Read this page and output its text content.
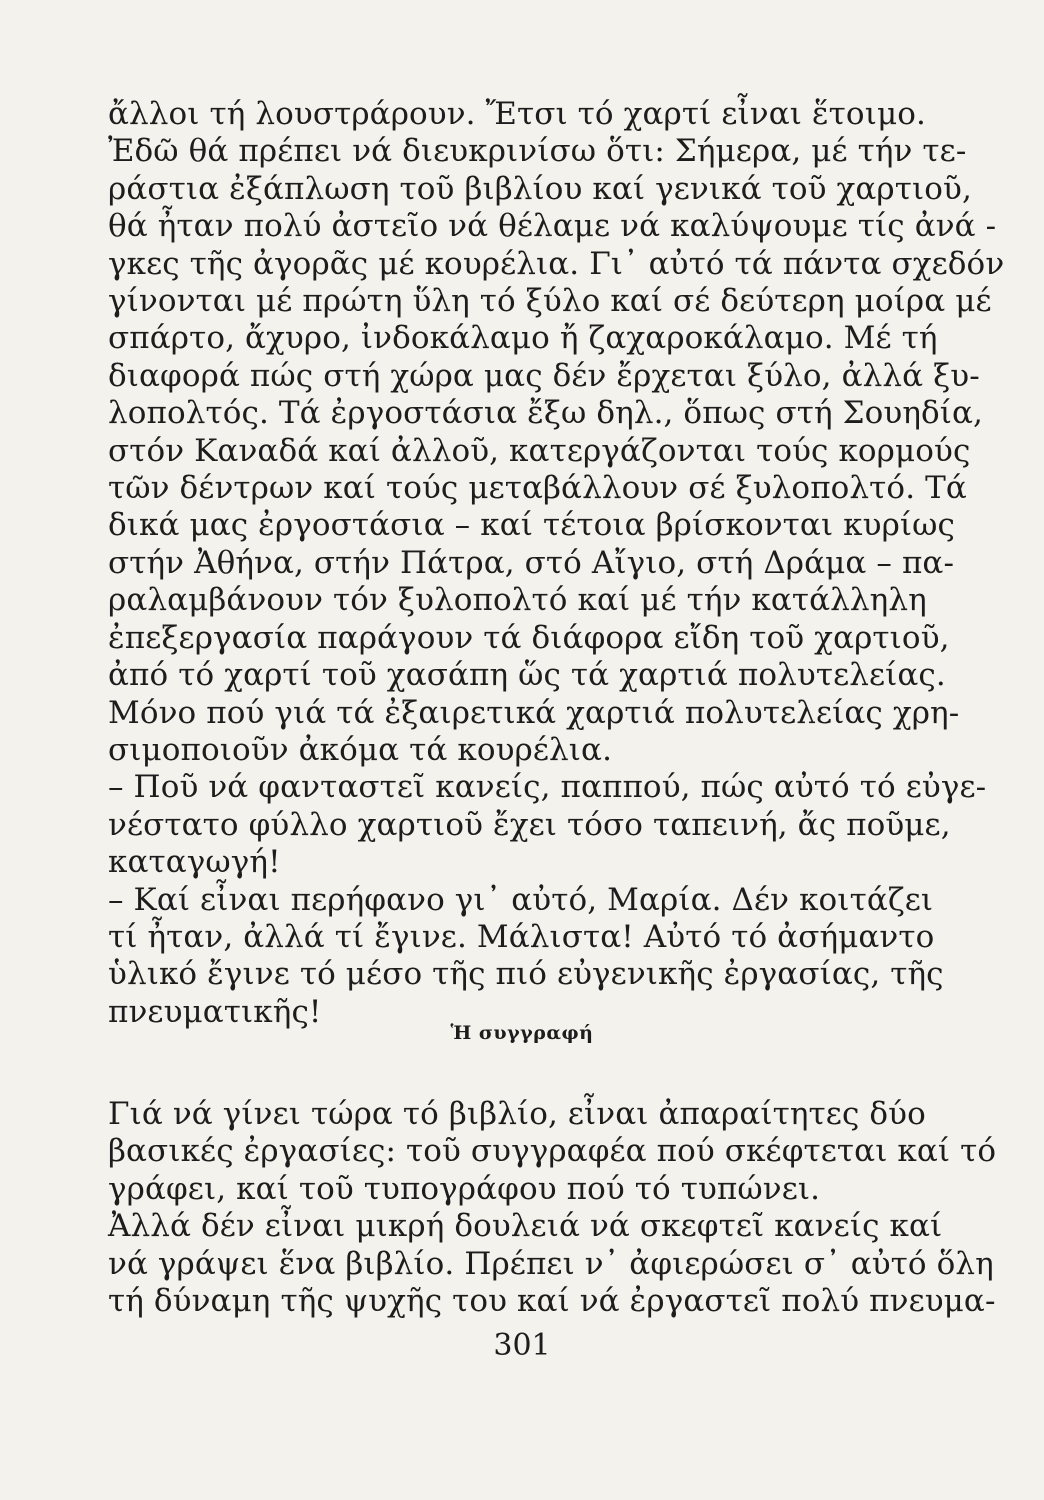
ἄλλοι τή λουστράρουν. Ἔτσι τό χαρτί εἶναι ἕτοιμο.
Ἐδῶ θά πρέπει νά διευκρινίσω ὅτι: Σήμερα, μέ τήν τε-
ράστια ἐξάπλωση τοῦ βιβλίου καί γενικά τοῦ χαρτιοῦ,
θά ἦταν πολύ ἀστεῖο νά θέλαμε νά καλύψουμε τίς ἀνά -
γκες τῆς ἀγορᾶς μέ κουρέλια. Γι᾽ αὐτό τά πάντα σχεδόν
γίνονται μέ πρώτη ὕλη τό ξύλο καί σέ δεύτερη μοίρα μέ
σπάρτο, ἄχυρο, ἰνδοκάλαμο ἤ ζαχαροκάλαμο. Μέ τή
διαφορά πώς στή χώρα μας δέν ἔρχεται ξύλο, ἀλλά ξυ-
λοπολτός. Τά ἐργοστάσια ἔξω δηλ., ὅπως στή Σουηδία,
στόν Καναδά καί ἀλλοῦ, κατεργάζονται τούς κορμούς
τῶν δέντρων καί τούς μεταβάλλουν σέ ξυλοπολτό. Τά
δικά μας ἐργοστάσια – καί τέτοια βρίσκονται κυρίως
στήν Ἀθήνα, στήν Πάτρα, στό Αἴγιο, στή Δράμα – πα-
ραλαμβάνουν τόν ξυλοπολτό καί μέ τήν κατάλληλη
ἐπεξεργασία παράγουν τά διάφορα εἴδη τοῦ χαρτιοῦ,
ἀπό τό χαρτί τοῦ χασάπη ὥς τά χαρτιά πολυτελείας.
Μόνο πού γιά τά ἐξαιρετικά χαρτιά πολυτελείας χρη-
σιμοποιοῦν ἀκόμα τά κουρέλια.
– Ποῦ νά φανταστεῖ κανείς, παππού, πώς αὐτό τό εὐγε-
νέστατο φύλλο χαρτιοῦ ἔχει τόσο ταπεινή, ἄς ποῦμε,
καταγωγή!
– Καί εἶναι περήφανο γι᾽ αὐτό, Μαρία. Δέν κοιτάζει
τί ἦταν, ἀλλά τί ἔγινε. Μάλιστα! Αὐτό τό ἀσήμαντο
ὑλικό ἔγινε τό μέσο τῆς πιό εὐγενικῆς ἐργασίας, τῆς
πνευματικῆς!
Ἡ συγγραφή
Γιά νά γίνει τώρα τό βιβλίο, εἶναι ἀπαραίτητες δύο
βασικές ἐργασίες: τοῦ συγγραφέα πού σκέφτεται καί τό
γράφει, καί τοῦ τυπογράφου πού τό τυπώνει.
Ἀλλά δέν εἶναι μικρή δουλειά νά σκεφτεῖ κανείς καί
νά γράψει ἕνα βιβλίο. Πρέπει ν᾽ ἀφιερώσει σ᾽ αὐτό ὅλη
τή δύναμη τῆς ψυχῆς του καί νά ἐργαστεῖ πολύ πνευμα-
301
